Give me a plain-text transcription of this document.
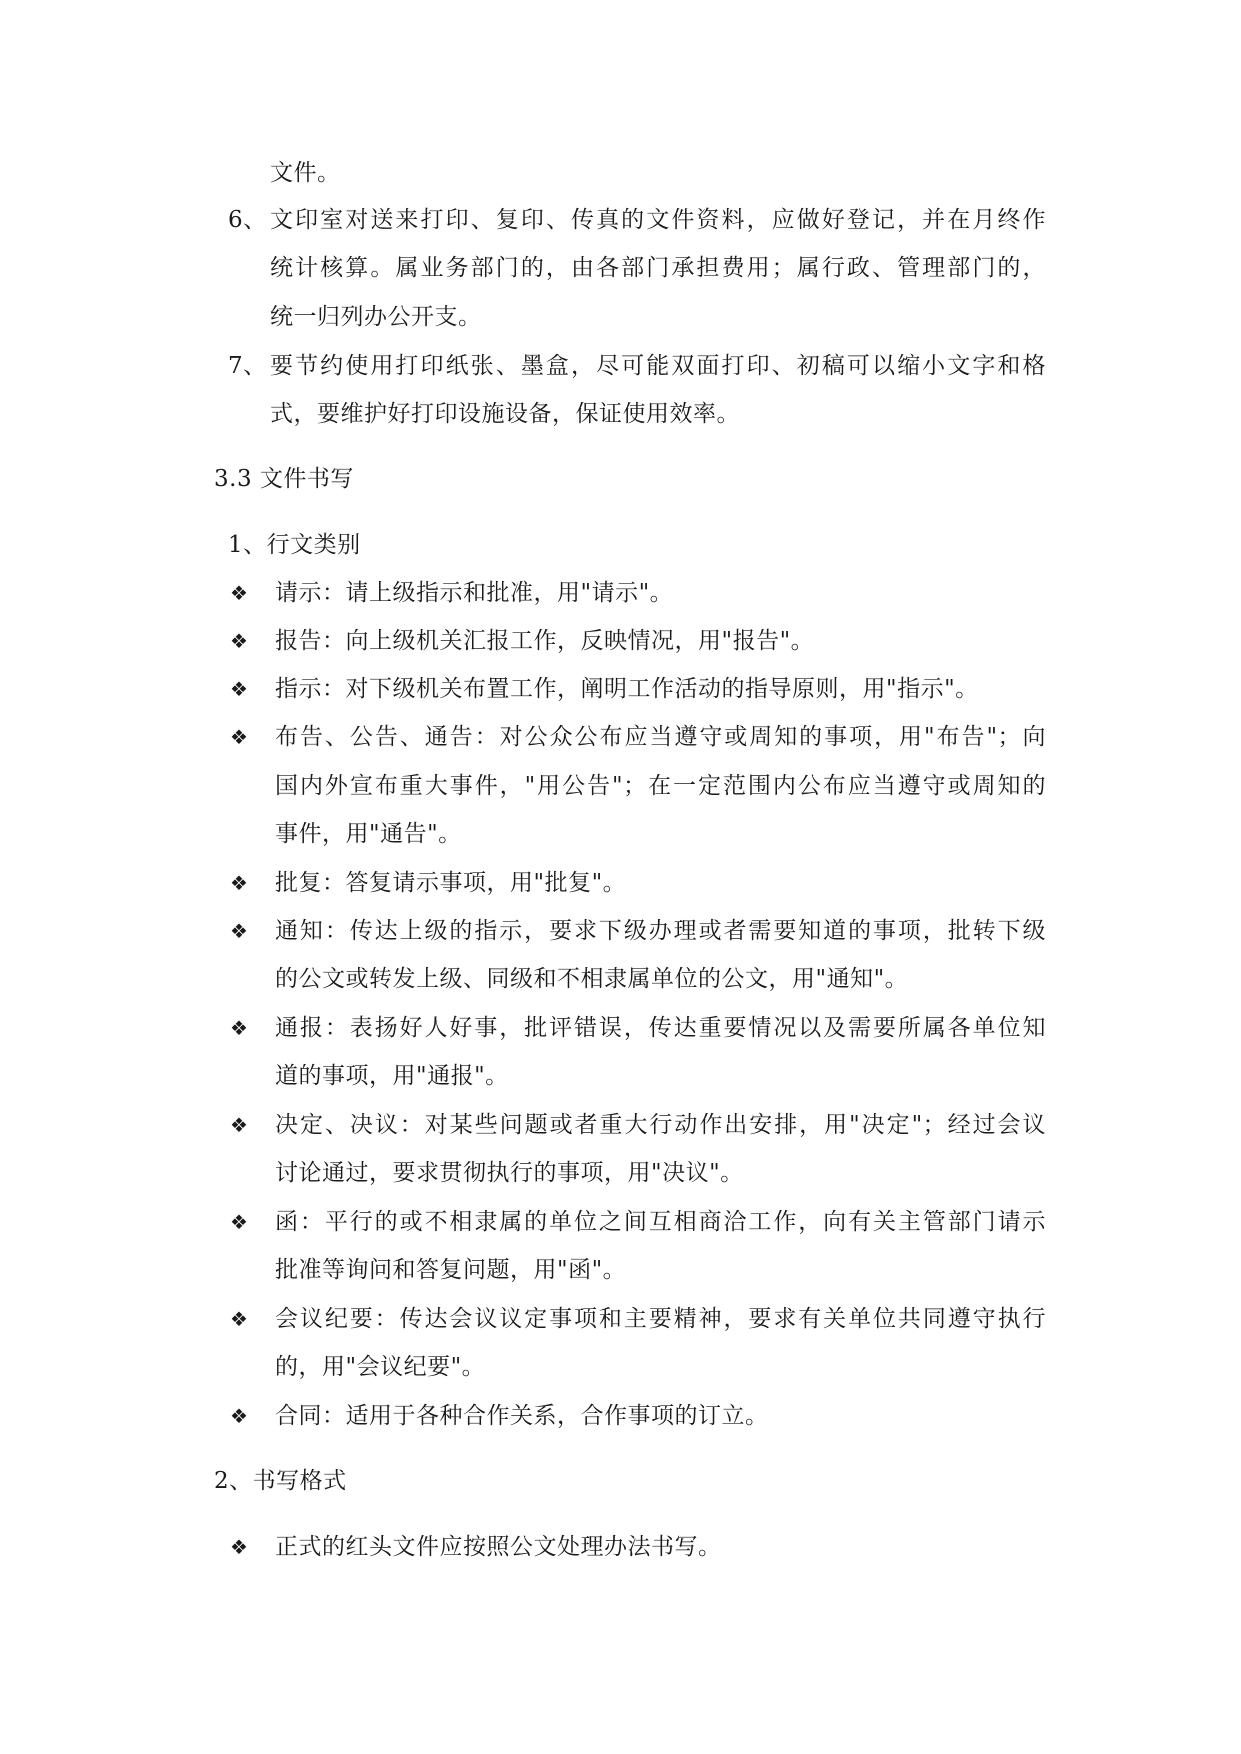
文件。
6、 文印室对送来打印、复印、传真的文件资料，应做好登记，并在月终作
统计核算。属业务部门的，由各部门承担费用；属行政、管理部门的，
统一归列办公开支。
7、 要节约使用打印纸张、墨盒，尽可能双面打印、初稿可以缩小文字和格
式，要维护好打印设施设备，保证使用效率。
3.3 文件书写
1、行文类别
❖ 请示：请上级指示和批准，用"请示"。
❖ 报告：向上级机关汇报工作，反映情况，用"报告"。
❖ 指示：对下级机关布置工作，阐明工作活动的指导原则，用"指示"。
❖ 布告、公告、通告：对公众公布应当遵守或周知的事项，用"布告"；向
国内外宣布重大事件，"用公告"；在一定范围内公布应当遵守或周知的
事件，用"通告"。
❖ 批复：答复请示事项，用"批复"。
❖ 通知：传达上级的指示，要求下级办理或者需要知道的事项，批转下级
的公文或转发上级、同级和不相隶属单位的公文，用"通知"。
❖ 通报：表扬好人好事，批评错误，传达重要情况以及需要所属各单位知
道的事项，用"通报"。
❖ 决定、决议：对某些问题或者重大行动作出安排，用"决定"；经过会议
讨论通过，要求贯彻执行的事项，用"决议"。
❖ 函：平行的或不相隶属的单位之间互相商洽工作，向有关主管部门请示
批准等询问和答复问题，用"函"。
❖ 会议纪要：传达会议议定事项和主要精神，要求有关单位共同遵守执行
的，用"会议纪要"。
❖ 合同：适用于各种合作关系，合作事项的订立。
2、书写格式
❖ 正式的红头文件应按照公文处理办法书写。
